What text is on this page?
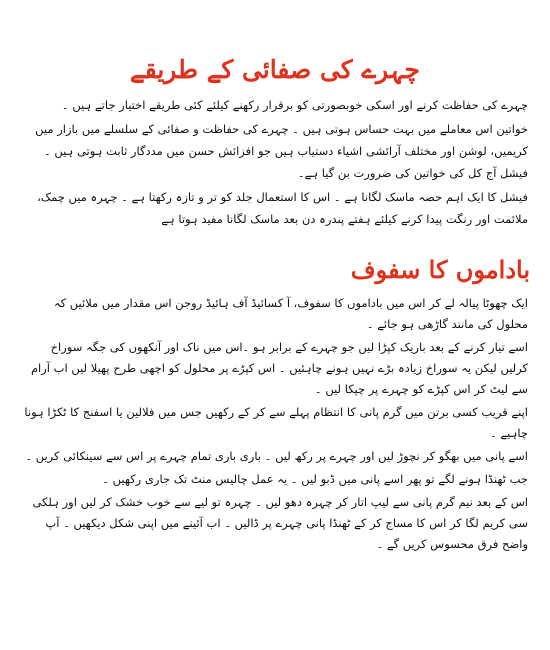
چہرے کی صفائی کے طریقے

چہرے کی حفاظت کرنے اور اسکی خوبصورتی کو برقرار رکھنے کیلئے کئی طریقے اختیار جاتے ہیں ۔

خواتین اس معاملے میں بہت حساس ہوتی ہیں ۔ چہرے کی حفاظت و صفائی کے سلسلے میں بازار میں کریمیں، لوشن اور مختلف آرائشی اشیاء دستیاب ہیں جو افزائش حسن میں مددگار ثابت ہوتی ہیں ۔فیشل آج کل کی خواتین کی ضرورت بن گیا ہے۔

فیشل کا ایک اہم حصہ ماسک لگانا ہے ۔ اس کا استعمال جلد کو تر و تازہ رکھتا ہے ۔ چہرہ میں چمک، ملائمت اور رنگت پیدا کرنے کیلئے ہفتے پندرہ دن بعد ماسک لگانا مفید ہوتا ہے

باداموں کا سفوف

ایک چھوٹا پیالہ لے کر اس میں باداموں کا سفوف، آ کسائیڈ آف ہائیڈ روجن اس مقدار میں ملائیں کہ محلول کی مانند گاڑھی ہو جائے ۔

اسے تیار کرنے کے بعد باریک کپڑا لیں جو چہرے کے برابر ہو ۔اس میں ناک اور آنکھوں کی جگہ سوراخ کرلیں لیکن یہ سوراخ زیادہ بڑے نہیں ہونے چاہئیں ۔ اس کپڑے پر محلول کو اچھی طرح پھیلا لیں اب آرام سے لیٹ کر اس کپڑے کو چہرے پر چپکا لیں ۔

اپنے قریب کسی برتن میں گرم پانی کا انتظام پہلے سے کر کے رکھیں جس میں فلالین یا اسفنج کا ٹکڑا ہونا چاہیے ۔

اسے پانی میں بھگو کر نچوڑ لیں اور چہرے پر رکھ لیں ۔ باری باری تمام چہرے پر اس سے سینکائی کریں ۔

جب ٹھنڈا ہونے لگے تو پھر اسے پانی میں ڈبو لیں ۔ یہ عمل چالیس منٹ تک جاری رکھیں ۔

اس کے بعد نیم گرم پانی سے لیپ اتار کر چہرہ دھو لیں ۔ چہرہ تو لیے سے خوب خشک کر لیں اور ہلکی سی کریم لگا کر اس کا مساج کر کے ٹھنڈا پانی چہرے پر ڈالیں ۔ اب آئینے میں اپنی شکل دیکھیں ۔ آپ واضح فرق محسوس کریں گے ۔
